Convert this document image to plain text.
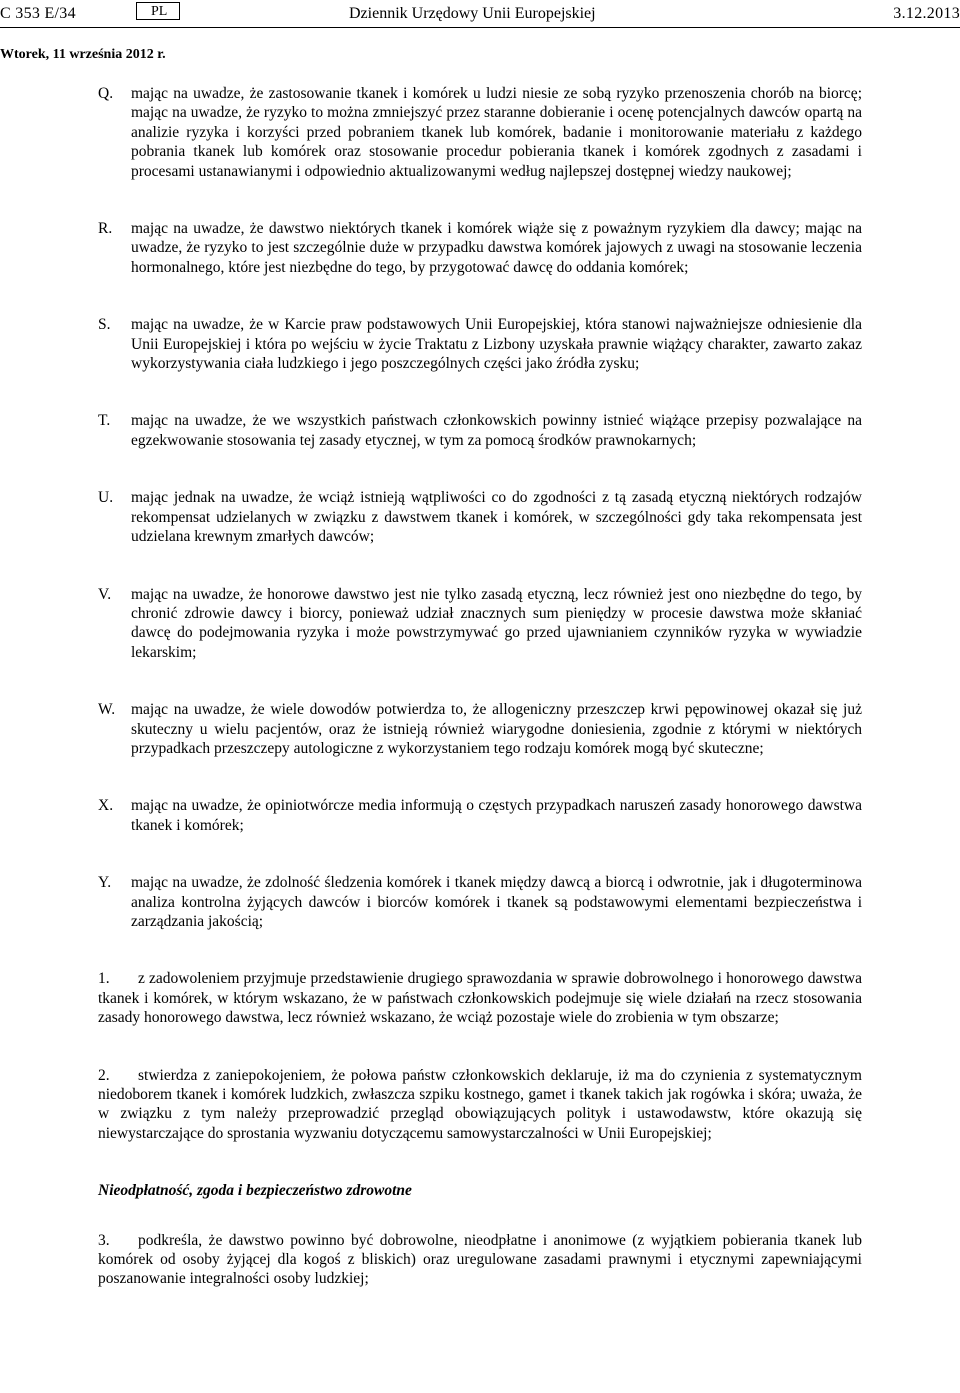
C 353 E/34	PL	Dziennik Urzędowy Unii Europejskiej	3.12.2013
Wtorek, 11 września 2012 r.
Q. mając na uwadze, że zastosowanie tkanek i komórek u ludzi niesie ze sobą ryzyko przenoszenia chorób na biorcę; mając na uwadze, że ryzyko to można zmniejszyć przez staranne dobieranie i ocenę potencjalnych dawców opartą na analizie ryzyka i korzyści przed pobraniem tkanek lub komórek, badanie i monitorowanie materiału z każdego pobrania tkanek lub komórek oraz stosowanie procedur pobierania tkanek i komórek zgodnych z zasadami i procesami ustanawianymi i odpowiednio aktualizowanymi według najlepszej dostępnej wiedzy naukowej;
R. mając na uwadze, że dawstwo niektórych tkanek i komórek wiąże się z poważnym ryzykiem dla dawcy; mając na uwadze, że ryzyko to jest szczególnie duże w przypadku dawstwa komórek jajowych z uwagi na stosowanie leczenia hormonalnego, które jest niezbędne do tego, by przygotować dawcę do oddania komórek;
S. mając na uwadze, że w Karcie praw podstawowych Unii Europejskiej, która stanowi najważniejsze odniesienie dla Unii Europejskiej i która po wejściu w życie Traktatu z Lizbony uzyskała prawnie wiążący charakter, zawarto zakaz wykorzystywania ciała ludzkiego i jego poszczególnych części jako źródła zysku;
T. mając na uwadze, że we wszystkich państwach członkowskich powinny istnieć wiążące przepisy pozwalające na egzekwowanie stosowania tej zasady etycznej, w tym za pomocą środków prawnokarnych;
U. mając jednak na uwadze, że wciąż istnieją wątpliwości co do zgodności z tą zasadą etyczną niektórych rodzajów rekompensat udzielanych w związku z dawstwem tkanek i komórek, w szczególności gdy taka rekompensata jest udzielana krewnym zmarłych dawców;
V. mając na uwadze, że honorowe dawstwo jest nie tylko zasadą etyczną, lecz również jest ono niezbędne do tego, by chronić zdrowie dawcy i biorcy, ponieważ udział znacznych sum pieniędzy w procesie dawstwa może skłaniać dawcę do podejmowania ryzyka i może powstrzymywać go przed ujawnianiem czynników ryzyka w wywiadzie lekarskim;
W. mając na uwadze, że wiele dowodów potwierdza to, że allogeniczny przeszczep krwi pępowinowej okazał się już skuteczny u wielu pacjentów, oraz że istnieją również wiarygodne doniesienia, zgodnie z którymi w niektórych przypadkach przeszczepy autologiczne z wykorzystaniem tego rodzaju komórek mogą być skuteczne;
X. mając na uwadze, że opiniotwórcze media informują o częstych przypadkach naruszeń zasady honorowego dawstwa tkanek i komórek;
Y. mając na uwadze, że zdolność śledzenia komórek i tkanek między dawcą a biorcą i odwrotnie, jak i długoterminowa analiza kontrolna żyjących dawców i biorców komórek i tkanek są podstawowymi elementami bezpieczeństwa i zarządzania jakością;
1. z zadowoleniem przyjmuje przedstawienie drugiego sprawozdania w sprawie dobrowolnego i honorowego dawstwa tkanek i komórek, w którym wskazano, że w państwach członkowskich podejmuje się wiele działań na rzecz stosowania zasady honorowego dawstwa, lecz również wskazano, że wciąż pozostaje wiele do zrobienia w tym obszarze;
2. stwierdza z zaniepokojeniem, że połowa państw członkowskich deklaruje, iż ma do czynienia z systematycznym niedoborem tkanek i komórek ludzkich, zwłaszcza szpiku kostnego, gamet i tkanek takich jak rogówka i skóra; uważa, że w związku z tym należy przeprowadzić przegląd obowiązujących polityk i ustawodawstw, które okazują się niewystarczające do sprostania wyzwaniu dotyczącemu samowystarczalności w Unii Europejskiej;
Nieodpłatność, zgoda i bezpieczeństwo zdrowotne
3. podkreśla, że dawstwo powinno być dobrowolne, nieodpłatne i anonimowe (z wyjątkiem pobierania tkanek lub komórek od osoby żyjącej dla kogoś z bliskich) oraz uregulowane zasadami prawnymi i etycznymi zapewniającymi poszanowanie integralności osoby ludzkiej;
